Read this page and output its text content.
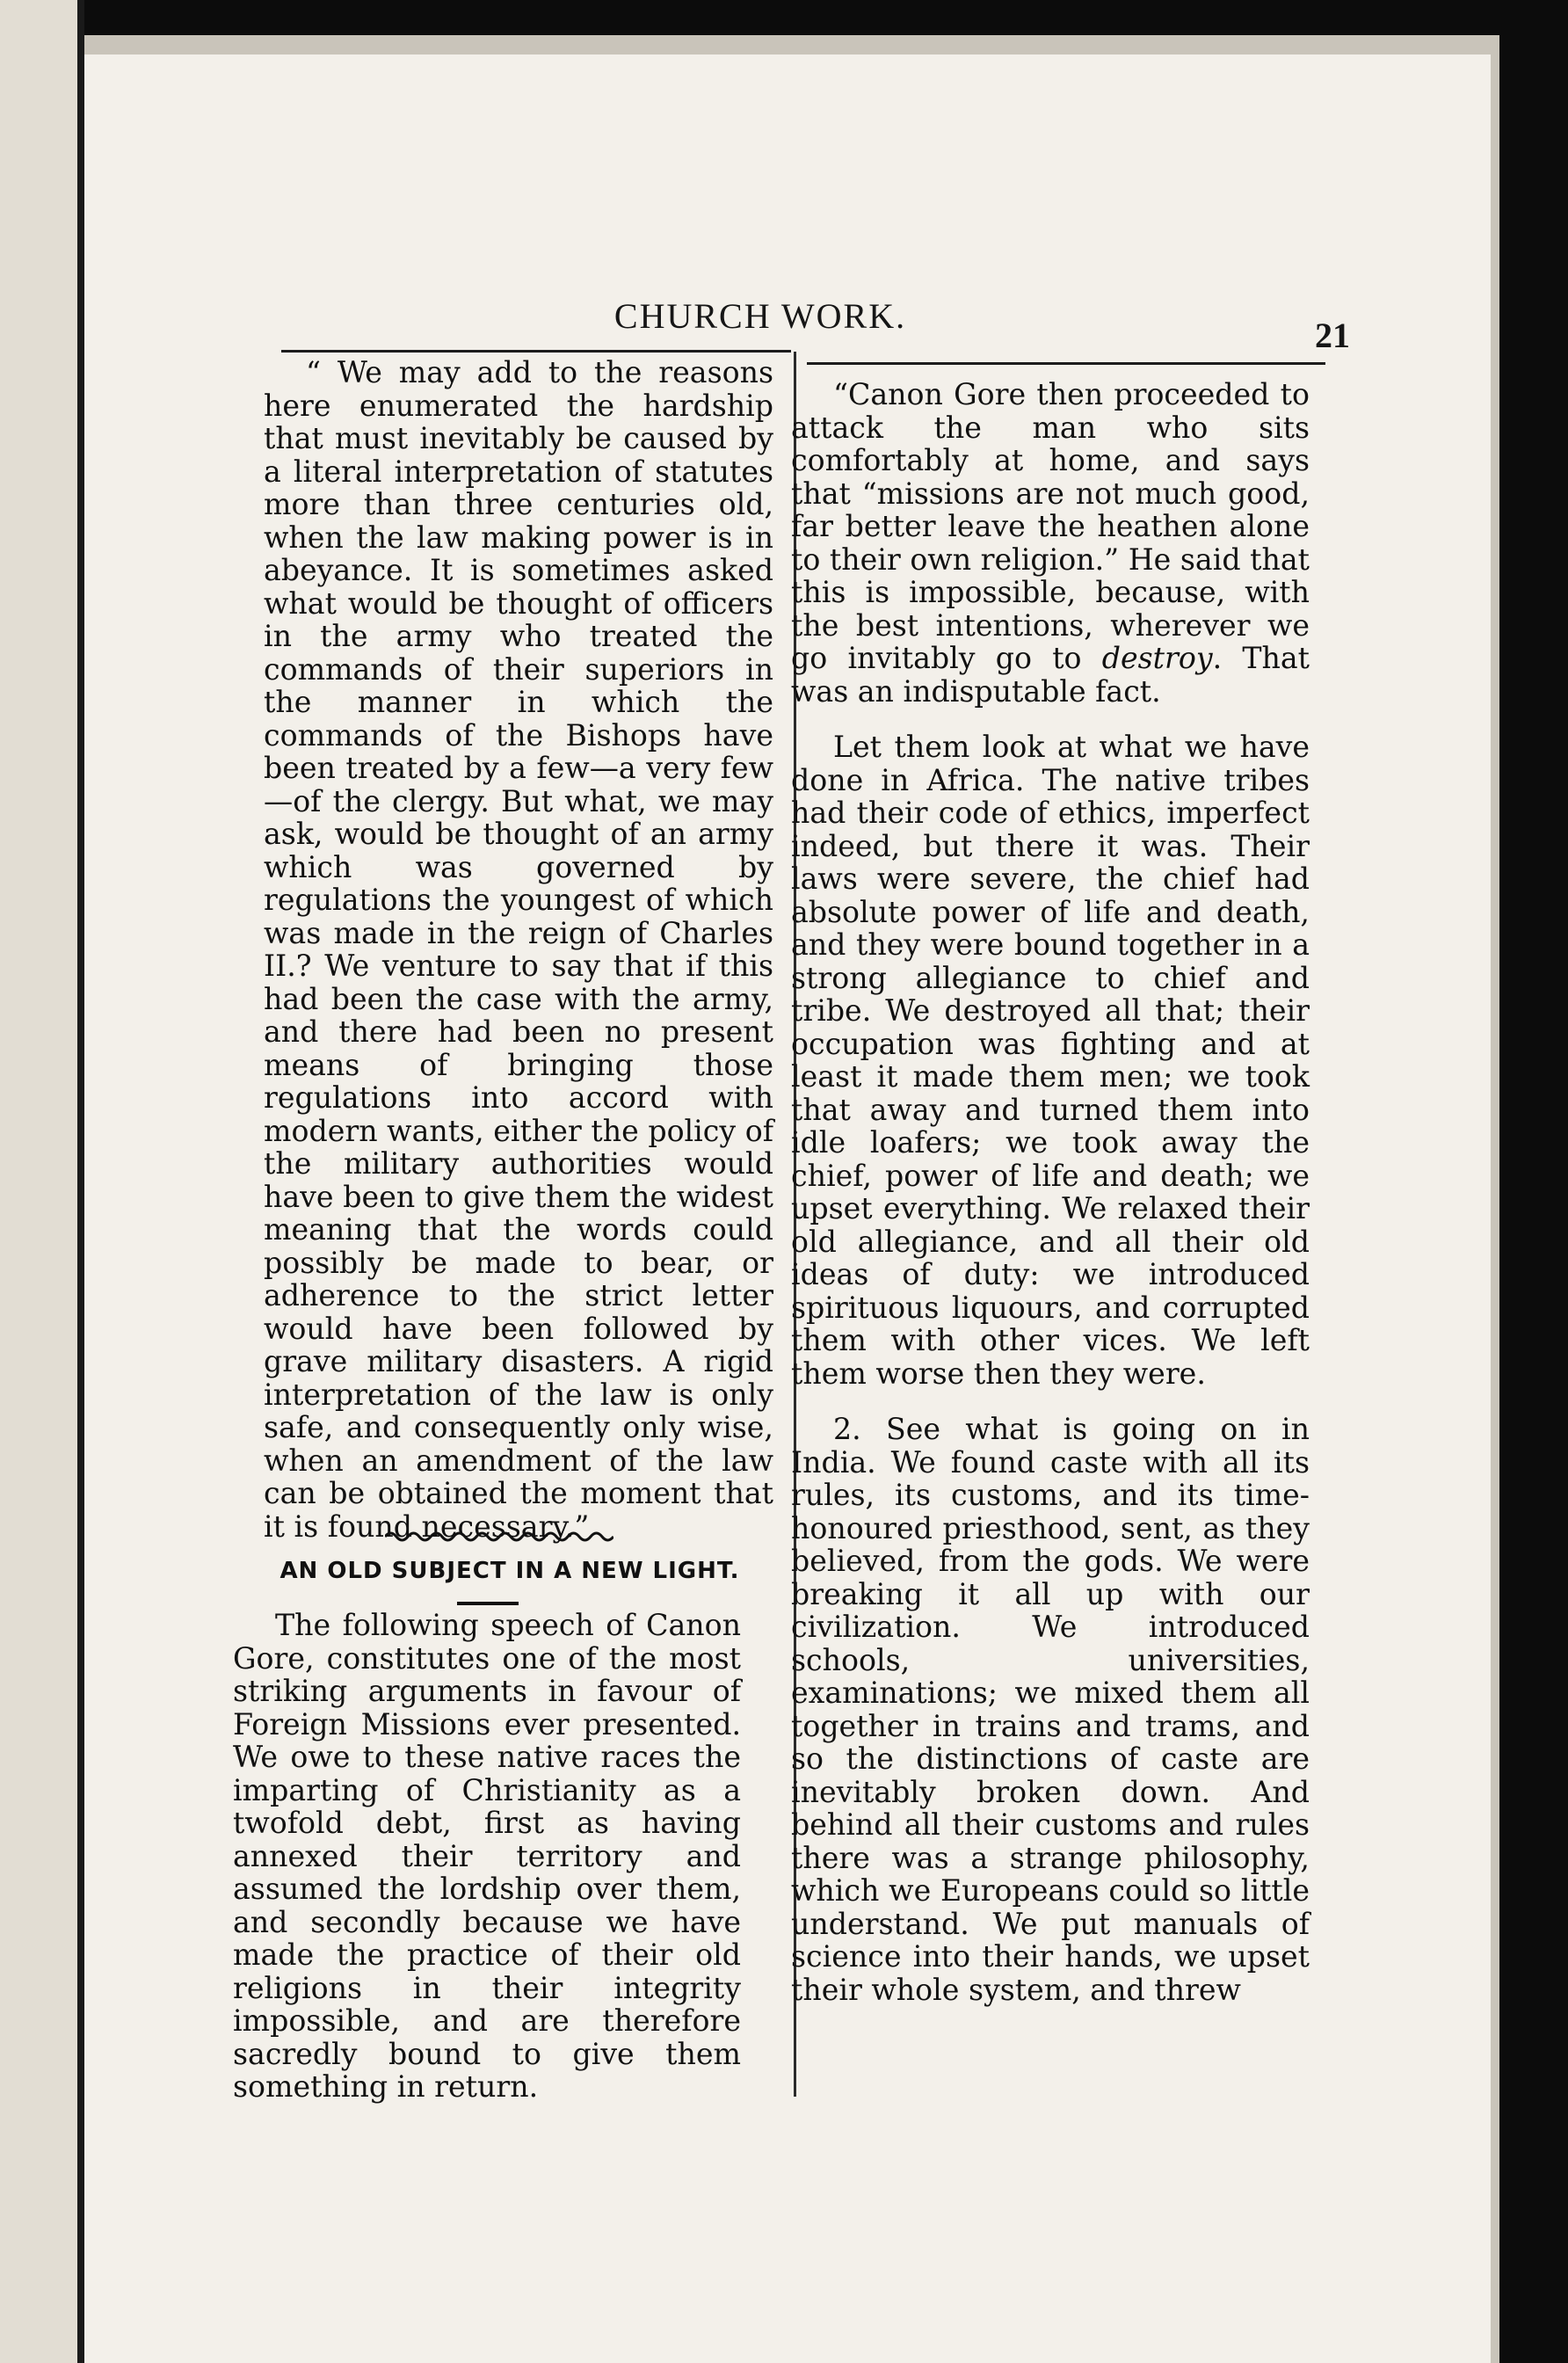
CHURCH WORK.	21

“ We may add to the reasons here enumerated the hardship that must inevitably be caused by a literal interpretation of statutes more than three centuries old, when the law making power is in abeyance. It is sometimes asked what would be thought of officers in the army who treated the commands of their superiors in the manner in which the commands of the Bishops have been treated by a few—a very few—of the clergy. But what, we may ask, would be thought of an army which was governed by regulations the youngest of which was made in the reign of Charles II.? We venture to say that if this had been the case with the army, and there had been no present means of bringing those regulations into accord with modern wants, either the policy of the military authorities would have been to give them the widest meaning that the words could possibly be made to bear, or adherence to the strict letter would have been followed by grave military disasters. A rigid interpretation of the law is only safe, and consequently only wise, when an amendment of the law can be obtained the moment that it is found necessary.”

AN OLD SUBJECT IN A NEW LIGHT.

The following speech of Canon Gore, constitutes one of the most striking arguments in favour of Foreign Missions ever presented. We owe to these native races the imparting of Christianity as a twofold debt, first as having annexed their territory and assumed the lordship over them, and secondly because we have made the practice of their old religions in their integrity impossible, and are therefore sacredly bound to give them something in return.

“Canon Gore then proceeded to attack the man who sits comfortably at home, and says that “missions are not much good, far better leave the heathen alone to their own religion.” He said that this is impossible, because, with the best intentions, wherever we go invitably go to destroy. That was an indisputable fact.

Let them look at what we have done in Africa. The native tribes had their code of ethics, imperfect indeed, but there it was. Their laws were severe, the chief had absolute power of life and death, and they were bound together in a strong allegiance to chief and tribe. We destroyed all that; their occupation was fighting and at least it made them men; we took that away and turned them into idle loafers; we took away the chief, power of life and death; we upset everything. We relaxed their old allegiance, and all their old ideas of duty: we introduced spirituous liquours, and corrupted them with other vices. We left them worse then they were.

2. See what is going on in India. We found caste with all its rules, its customs, and its time-honoured priesthood, sent, as they believed, from the gods. We were breaking it all up with our civilization. We introduced schools, universities, examinations; we mixed them all together in trains and trams, and so the distinctions of caste are inevitably broken down. And behind all their customs and rules there was a strange philosophy, which we Europeans could so little understand. We put manuals of science into their hands, we upset their whole system, and threw
